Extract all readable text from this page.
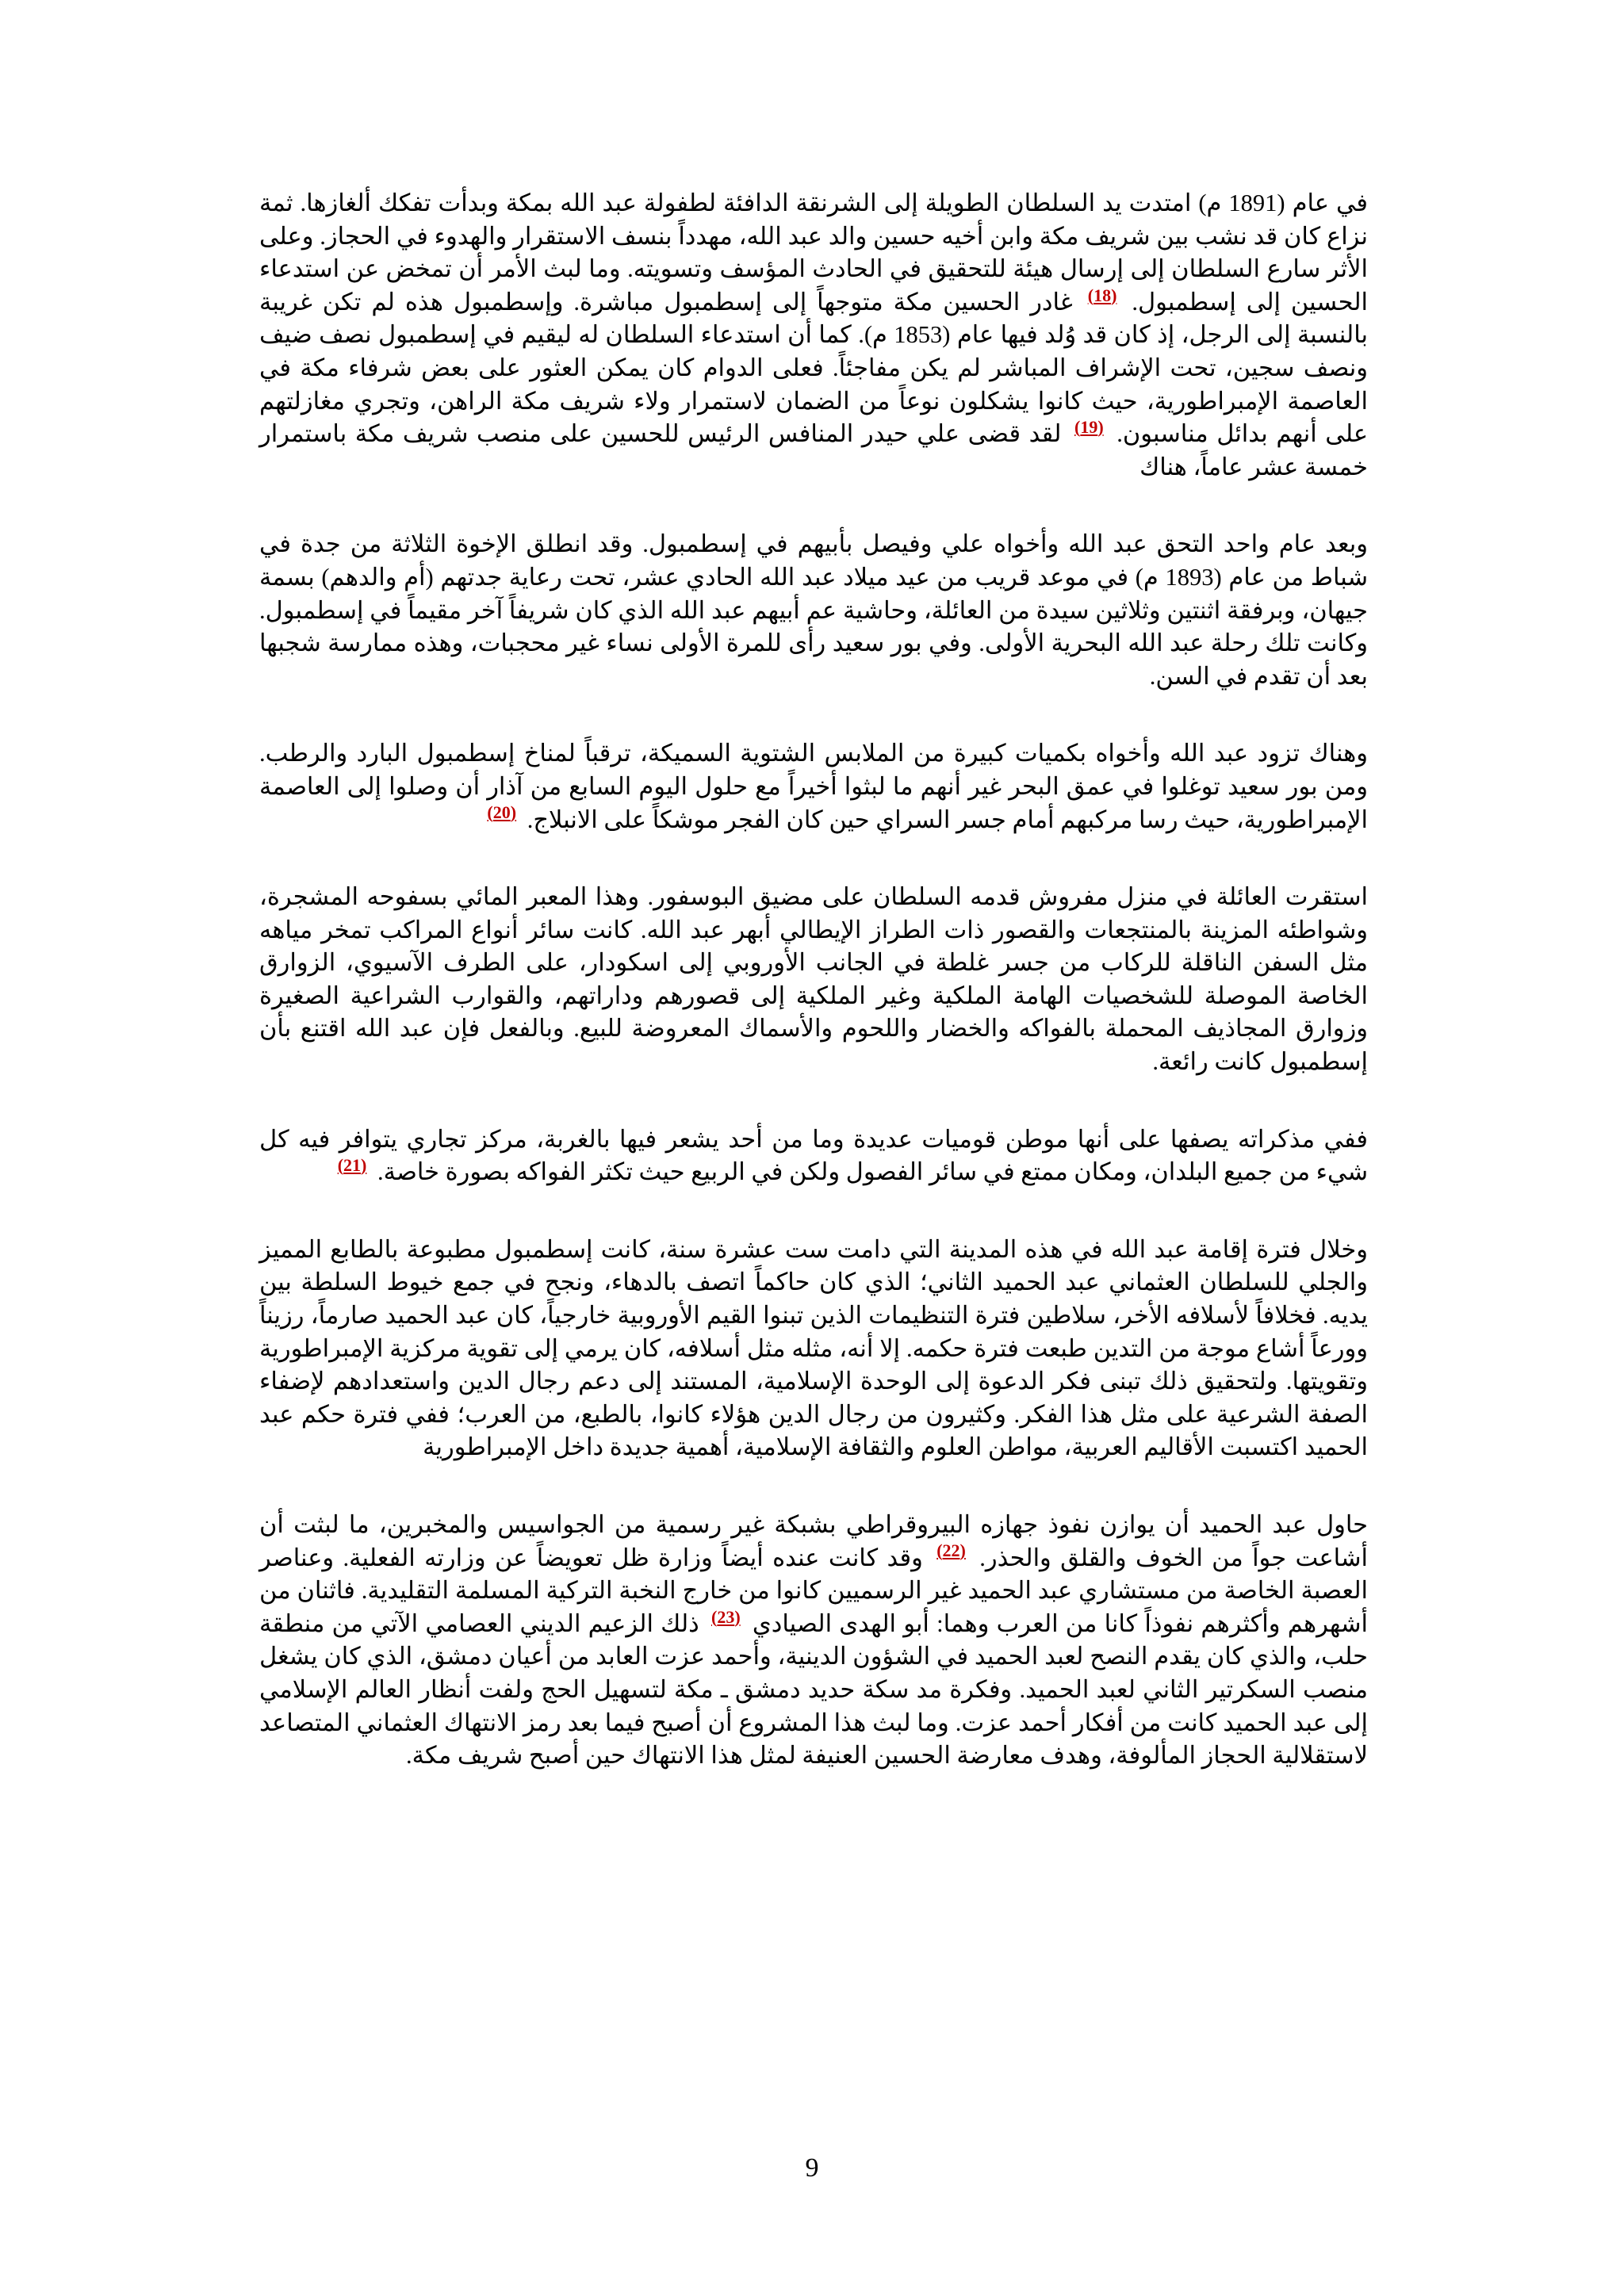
في عام (1891 م) امتدت يد السلطان الطويلة إلى الشرنقة الدافئة لطفولة عبد الله بمكة وبدأت تفكك ألغازها. ثمة نزاع كان قد نشب بين شريف مكة وابن أخيه حسين والد عبد الله، مهدداً بنسف الاستقرار والهدوء في الحجاز. وعلى الأثر سارع السلطان إلى إرسال هيئة للتحقيق في الحادث المؤسف وتسويته. وما لبث الأمر أن تمخض عن استدعاء الحسين إلى إسطمبول. $^{(18)}$ غادر الحسين مكة متوجهاً إلى إسطمبول مباشرة. وإسطمبول هذه لم تكن غريبة بالنسبة إلى الرجل، إذ كان قد وُلد فيها عام (1853 م). كما أن استدعاء السلطان له ليقيم في إسطمبول نصف ضيف ونصف سجين، تحت الإشراف المباشر لم يكن مفاجئاً. فعلى الدوام كان يمكن العثور على بعض شرفاء مكة في العاصمة الإمبراطورية، حيث كانوا يشكلون نوعاً من الضمان لاستمرار ولاء شريف مكة الراهن، وتجري مغازلتهم على أنهم بدائل مناسبون. $^{(19)}$ لقد قضى علي حيدر المنافس الرئيس للحسين على منصب شريف مكة باستمرار خمسة عشر عاماً، هناك

وبعد عام واحد التحق عبد الله وأخواه علي وفيصل بأبيهم في إسطمبول. وقد انطلق الإخوة الثلاثة من جدة في شباط من عام (1893 م) في موعد قريب من عيد ميلاد عبد الله الحادي عشر، تحت رعاية جدتهم (أم والدهم) بسمة جيهان، وبرفقة اثنتين وثلاثين سيدة من العائلة، وحاشية عم أبيهم عبد الله الذي كان شريفاً آخر مقيماً في إسطمبول. وكانت تلك رحلة عبد الله البحرية الأولى. وفي بور سعيد رأى للمرة الأولى نساء غير محجبات، وهذه ممارسة شجبها بعد أن تقدم في السن.

وهناك تزود عبد الله وأخواه بكميات كبيرة من الملابس الشتوية السميكة، ترقباً لمناخ إسطمبول البارد والرطب. ومن بور سعيد توغلوا في عمق البحر غير أنهم ما لبثوا أخيراً مع حلول اليوم السابع من آذار أن وصلوا إلى العاصمة الإمبراطورية، حيث رسا مركبهم أمام جسر السراي حين كان الفجر موشكاً على الانبلاج. $^{(20)}$

استقرت العائلة في منزل مفروش قدمه السلطان على مضيق البوسفور. وهذا المعبر المائي بسفوحه المشجرة، وشواطئه المزينة بالمنتجعات والقصور ذات الطراز الإيطالي أبهر عبد الله. كانت سائر أنواع المراكب تمخر مياهه مثل السفن الناقلة للركاب من جسر غلطة في الجانب الأوروبي إلى اسكودار، على الطرف الآسيوي، الزوارق الخاصة الموصلة للشخصيات الهامة الملكية وغير الملكية إلى قصورهم وداراتهم، والقوارب الشراعية الصغيرة وزوارق المجاذيف المحملة بالفواكه والخضار واللحوم والأسماك المعروضة للبيع. وبالفعل فإن عبد الله اقتنع بأن إسطمبول كانت رائعة.

ففي مذكراته يصفها على أنها موطن قوميات عديدة وما من أحد يشعر فيها بالغربة، مركز تجاري يتوافر فيه كل شيء من جميع البلدان، ومكان ممتع في سائر الفصول ولكن في الربيع حيث تكثر الفواكه بصورة خاصة. $^{(21)}$

وخلال فترة إقامة عبد الله في هذه المدينة التي دامت ست عشرة سنة، كانت إسطمبول مطبوعة بالطابع المميز والجلي للسلطان العثماني عبد الحميد الثاني؛ الذي كان حاكماً اتصف بالدهاء، ونجح في جمع خيوط السلطة بين يديه. فخلافاً لأسلافه الأخر، سلاطين فترة التنظيمات الذين تبنوا القيم الأوروبية خارجياً، كان عبد الحميد صارماً، رزيناً وورعاً أشاع موجة من التدين طبعت فترة حكمه. إلا أنه، مثله مثل أسلافه، كان يرمي إلى تقوية مركزية الإمبراطورية وتقويتها. ولتحقيق ذلك تبنى فكر الدعوة إلى الوحدة الإسلامية، المستند إلى دعم رجال الدين واستعدادهم لإضفاء الصفة الشرعية على مثل هذا الفكر. وكثيرون من رجال الدين هؤلاء كانوا، بالطبع، من العرب؛ ففي فترة حكم عبد الحميد اكتسبت الأقاليم العربية، مواطن العلوم والثقافة الإسلامية، أهمية جديدة داخل الإمبراطورية

حاول عبد الحميد أن يوازن نفوذ جهازه البيروقراطي بشبكة غير رسمية من الجواسيس والمخبرين، ما لبثت أن أشاعت جواً من الخوف والقلق والحذر. $^{(22)}$ وقد كانت عنده أيضاً وزارة ظل تعويضاً عن وزارته الفعلية. وعناصر العصبة الخاصة من مستشاري عبد الحميد غير الرسميين كانوا من خارج النخبة التركية المسلمة التقليدية. فاثنان من أشهرهم وأكثرهم نفوذاً كانا من العرب وهما: أبو الهدى الصيادي $^{(23)}$ ذلك الزعيم الديني العصامي الآتي من منطقة حلب، والذي كان يقدم النصح لعبد الحميد في الشؤون الدينية، وأحمد عزت العابد من أعيان دمشق، الذي كان يشغل منصب السكرتير الثاني لعبد الحميد. وفكرة مد سكة حديد دمشق ـ مكة لتسهيل الحج ولفت أنظار العالم الإسلامي إلى عبد الحميد كانت من أفكار أحمد عزت. وما لبث هذا المشروع أن أصبح فيما بعد رمز الانتهاك العثماني المتصاعد لاستقلالية الحجاز المألوفة، وهدف معارضة الحسين العنيفة لمثل هذا الانتهاك حين أصبح شريف مكة.

9
